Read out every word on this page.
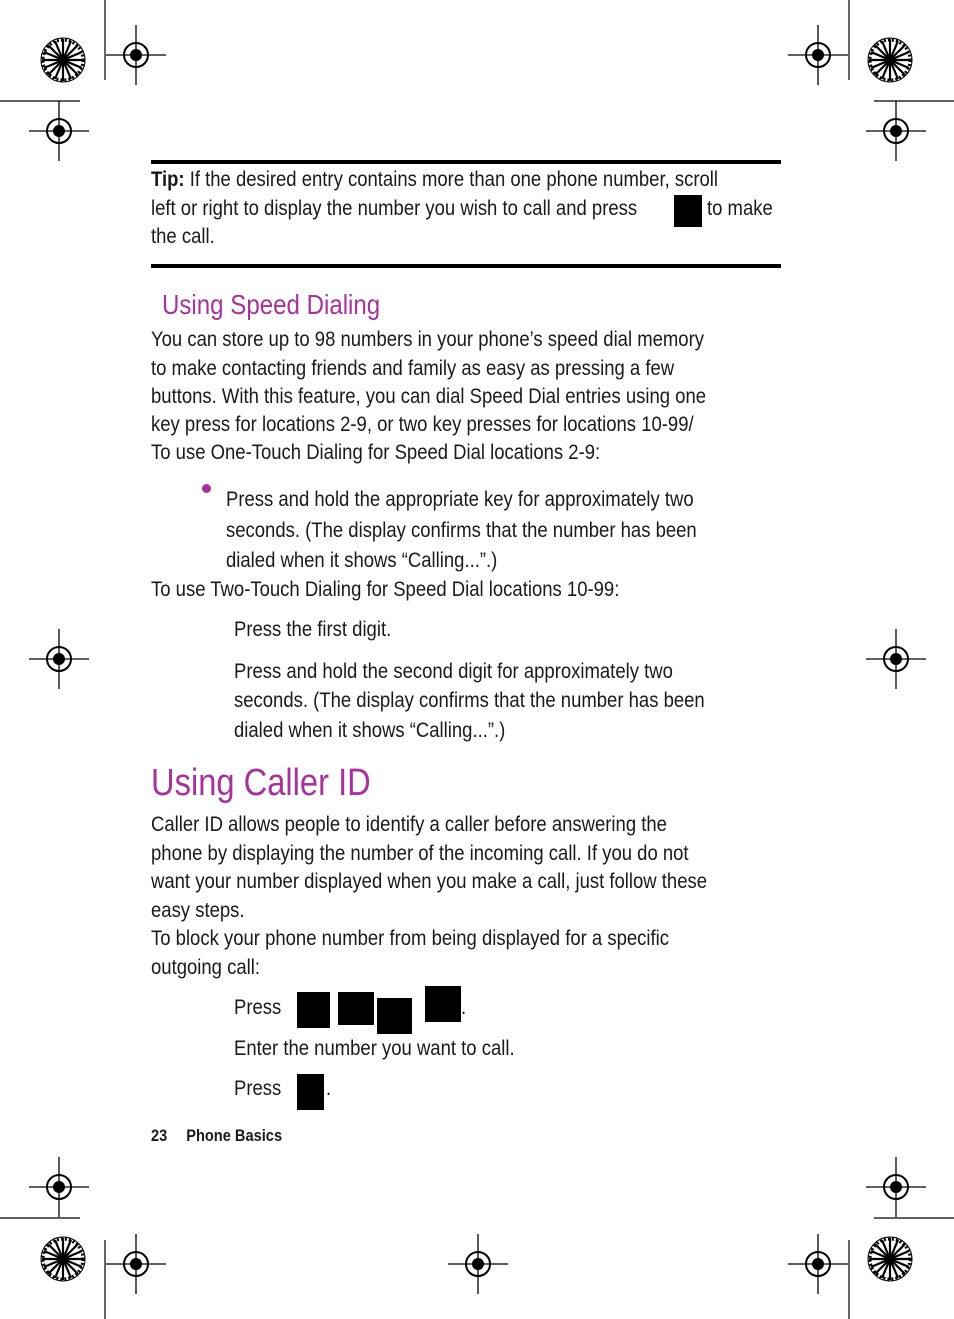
Tip: If the desired entry contains more than one phone number, scroll
left or right to display the number you wish to call and press	to make
the call.
Using Speed Dialing
You can store up to 98 numbers in your phone’s speed dial memory
to make contacting friends and family as easy as pressing a few
buttons. With this feature, you can dial Speed Dial entries using one
key press for locations 2-9, or two key presses for locations 10-99/
To use One-Touch Dialing for Speed Dial locations 2-9:
Press and hold the appropriate key for approximately two
seconds. (The display confirms that the number has been
dialed when it shows “Calling...”.)
To use Two-Touch Dialing for Speed Dial locations 10-99:
Press the first digit.
Press and hold the second digit for approximately two
seconds. (The display confirms that the number has been
dialed when it shows “Calling...”.)
Using Caller ID
Caller ID allows people to identify a caller before answering the
phone by displaying the number of the incoming call. If you do not
want your number displayed when you make a call, just follow these
easy steps.
To block your phone number from being displayed for a specific
outgoing call:
Press	.
Enter the number you want to call.
Press .
23 Phone Basics
